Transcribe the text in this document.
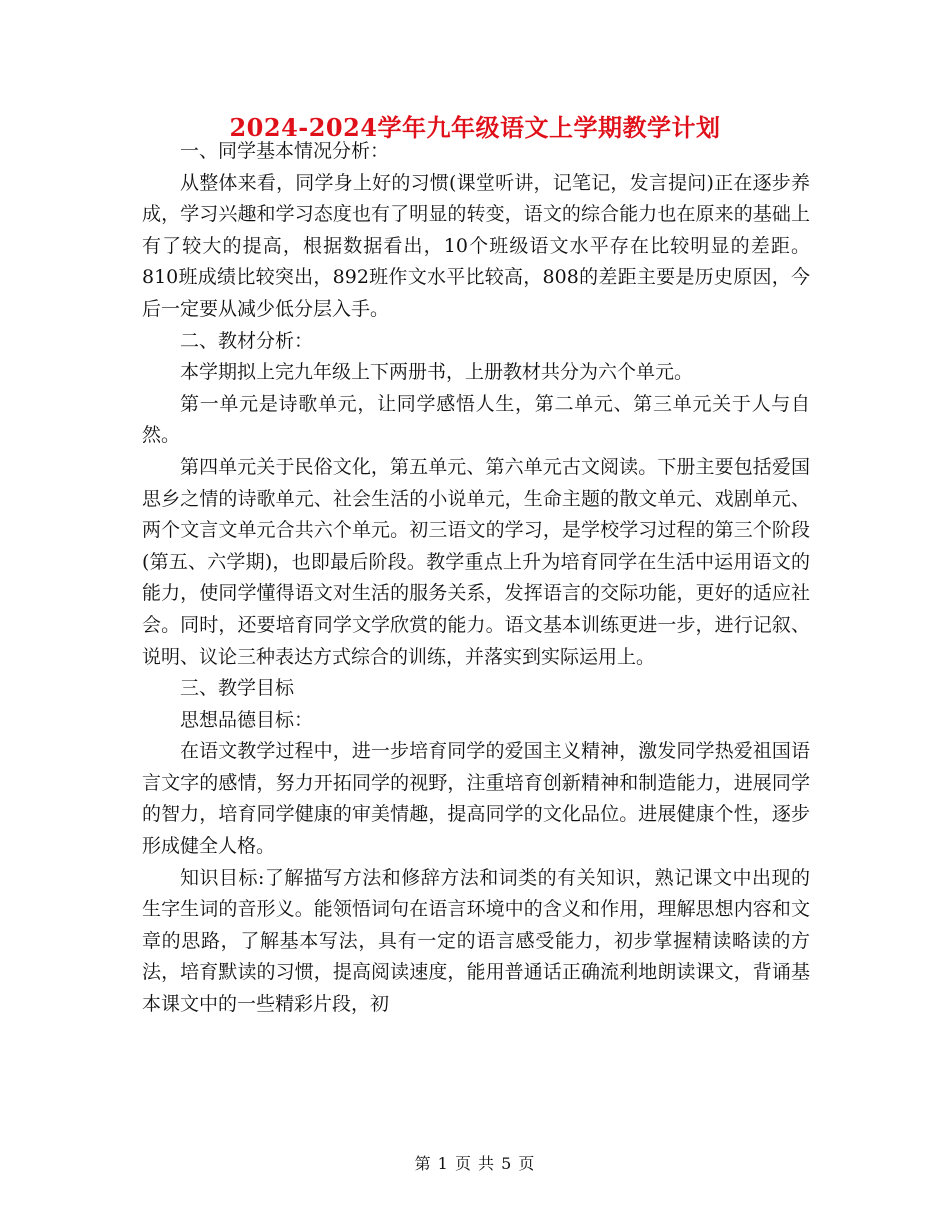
2024-2024学年九年级语文上学期教学计划

一、同学基本情况分析：

从整体来看，同学身上好的习惯(课堂听讲，记笔记，发言提问)正在逐步养成，学习兴趣和学习态度也有了明显的转变，语文的综合能力也在原来的基础上有了较大的提高，根据数据看出，10个班级语文水平存在比较明显的差距。810班成绩比较突出，892班作文水平比较高，808的差距主要是历史原因，今后一定要从减少低分层入手。

二、教材分析：

本学期拟上完九年级上下两册书，上册教材共分为六个单元。

第一单元是诗歌单元，让同学感悟人生，第二单元、第三单元关于人与自然。

第四单元关于民俗文化，第五单元、第六单元古文阅读。下册主要包括爱国思乡之情的诗歌单元、社会生活的小说单元，生命主题的散文单元、戏剧单元、两个文言文单元合共六个单元。初三语文的学习，是学校学习过程的第三个阶段(第五、六学期)，也即最后阶段。教学重点上升为培育同学在生活中运用语文的能力，使同学懂得语文对生活的服务关系，发挥语言的交际功能，更好的适应社会。同时，还要培育同学文学欣赏的能力。语文基本训练更进一步，进行记叙、说明、议论三种表达方式综合的训练，并落实到实际运用上。

三、教学目标

思想品德目标：

在语文教学过程中，进一步培育同学的爱国主义精神，激发同学热爱祖国语言文字的感情，努力开拓同学的视野，注重培育创新精神和制造能力，进展同学的智力，培育同学健康的审美情趣，提高同学的文化品位。进展健康个性，逐步形成健全人格。

知识目标:了解描写方法和修辞方法和词类的有关知识，熟记课文中出现的生字生词的音形义。能领悟词句在语言环境中的含义和作用，理解思想内容和文章的思路，了解基本写法，具有一定的语言感受能力，初步掌握精读略读的方法，培育默读的习惯，提高阅读速度，能用普通话正确流利地朗读课文，背诵基本课文中的一些精彩片段，初

第 1 页 共 5 页
